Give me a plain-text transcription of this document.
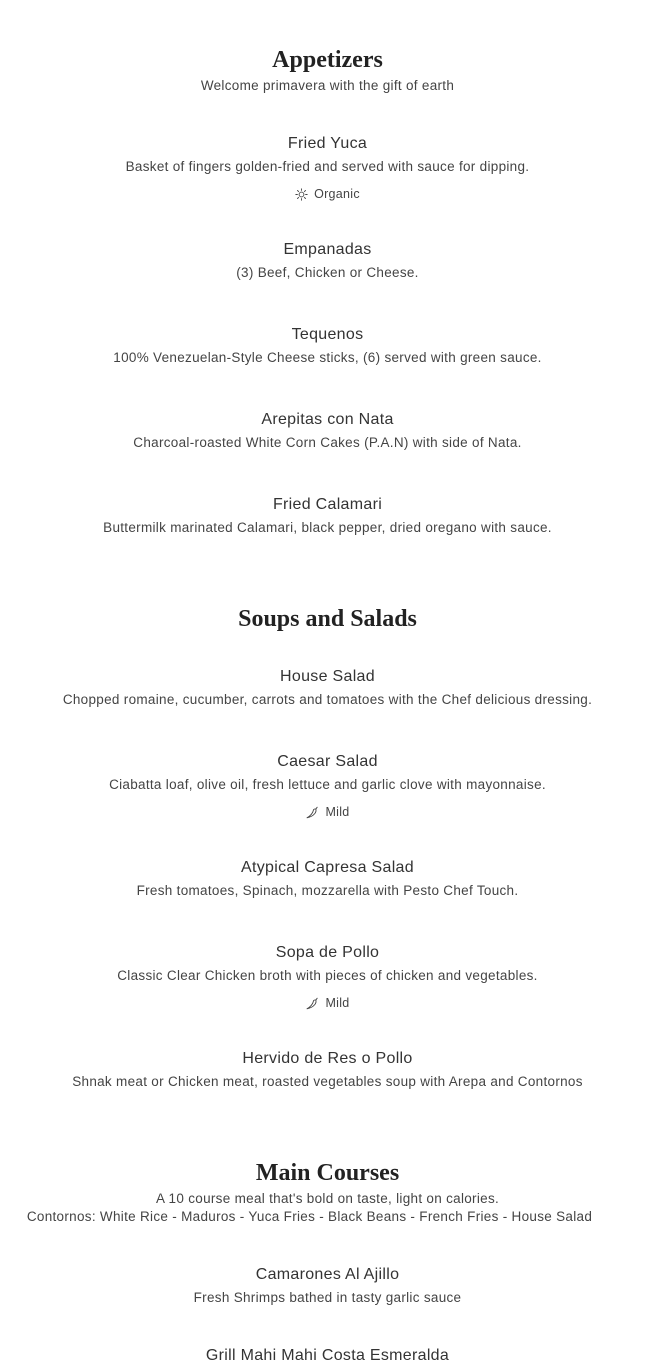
Appetizers
Welcome primavera with the gift of earth
Fried Yuca
Basket of fingers golden-fried and served with sauce for dipping.
Organic
Empanadas
(3) Beef, Chicken or Cheese.
Tequenos
100% Venezuelan-Style Cheese sticks, (6) served with green sauce.
Arepitas con Nata
Charcoal-roasted White Corn Cakes (P.A.N) with side of Nata.
Fried Calamari
Buttermilk marinated Calamari, black pepper, dried oregano with sauce.
Soups and Salads
House Salad
Chopped romaine, cucumber, carrots and tomatoes with the Chef delicious dressing.
Caesar Salad
Ciabatta loaf, olive oil, fresh lettuce and garlic clove with mayonnaise.
Mild
Atypical Capresa Salad
Fresh tomatoes, Spinach, mozzarella with Pesto Chef Touch.
Sopa de Pollo
Classic Clear Chicken broth with pieces of chicken and vegetables.
Mild
Hervido de Res o Pollo
Shnak meat or Chicken meat, roasted vegetables soup with Arepa and Contornos
Main Courses
A 10 course meal that's bold on taste, light on calories.
Contornos: White Rice - Maduros - Yuca Fries - Black Beans - French Fries - House Salad
Camarones Al Ajillo
Fresh Shrimps bathed in tasty garlic sauce
Grill Mahi Mahi Costa Esmeralda
